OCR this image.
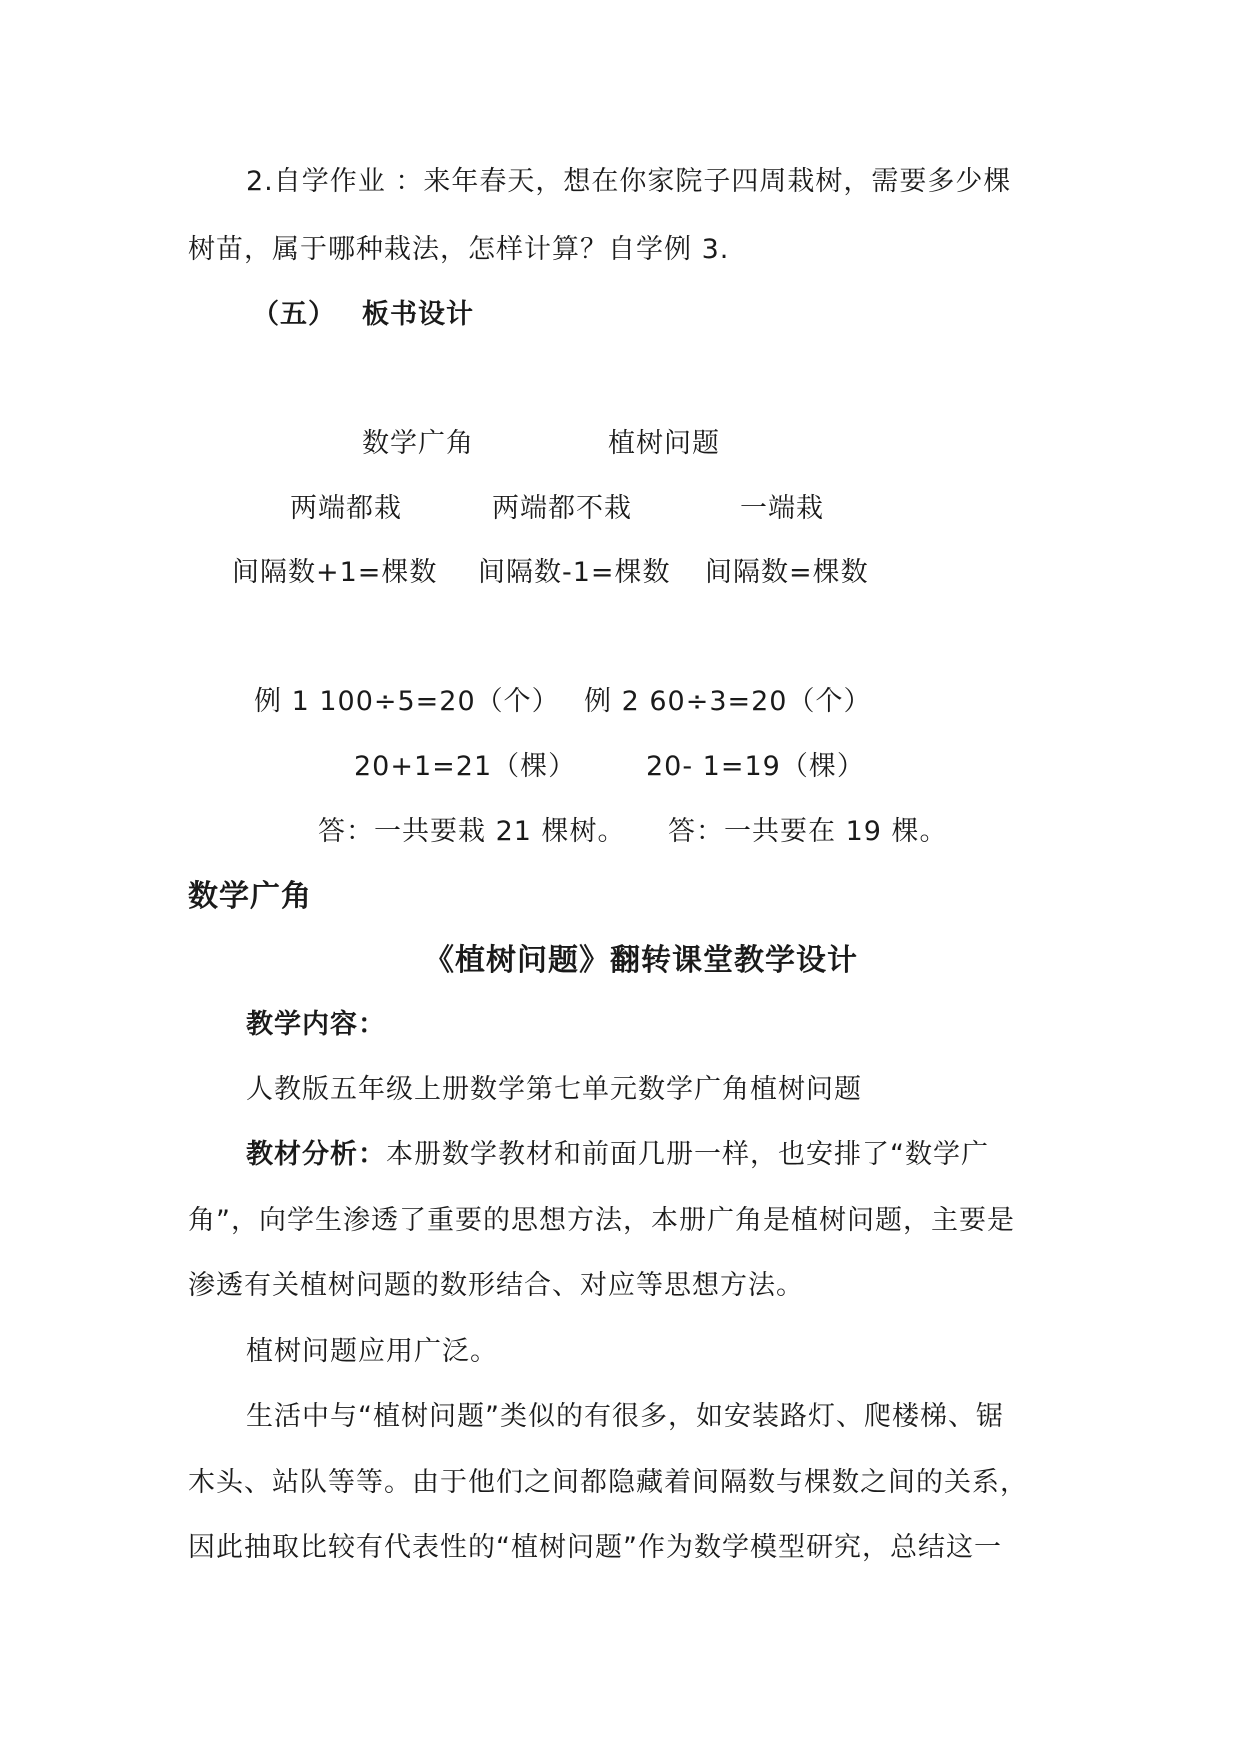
2.自学作业 ：来年春天，想在你家院子四周栽树，需要多少棵
树苗，属于哪种栽法，怎样计算？自学例 3.
（五） 板书设计
数学广角	植树问题
两端都栽	两端都不栽	一端栽
间隔数+1=棵数 间隔数-1=棵数 间隔数=棵数
例 1 100÷5=20（个） 例 2 60÷3=20（个）
20+1=21（棵）	20- 1=19（棵）
答：一共要栽 21 棵树。 答：一共要在 19 棵。
数学广角
《植树问题》翻转课堂教学设计
教学内容：
人教版五年级上册数学第七单元数学广角植树问题
教材分析：本册数学教材和前面几册一样，也安排了“数学广
角”，向学生渗透了重要的思想方法，本册广角是植树问题，主要是
渗透有关植树问题的数形结合、对应等思想方法。
植树问题应用广泛。
生活中与“植树问题”类似的有很多，如安装路灯、爬楼梯、锯
木头、站队等等。由于他们之间都隐藏着间隔数与棵数之间的关系，
因此抽取比较有代表性的“植树问题”作为数学模型研究，总结这一
